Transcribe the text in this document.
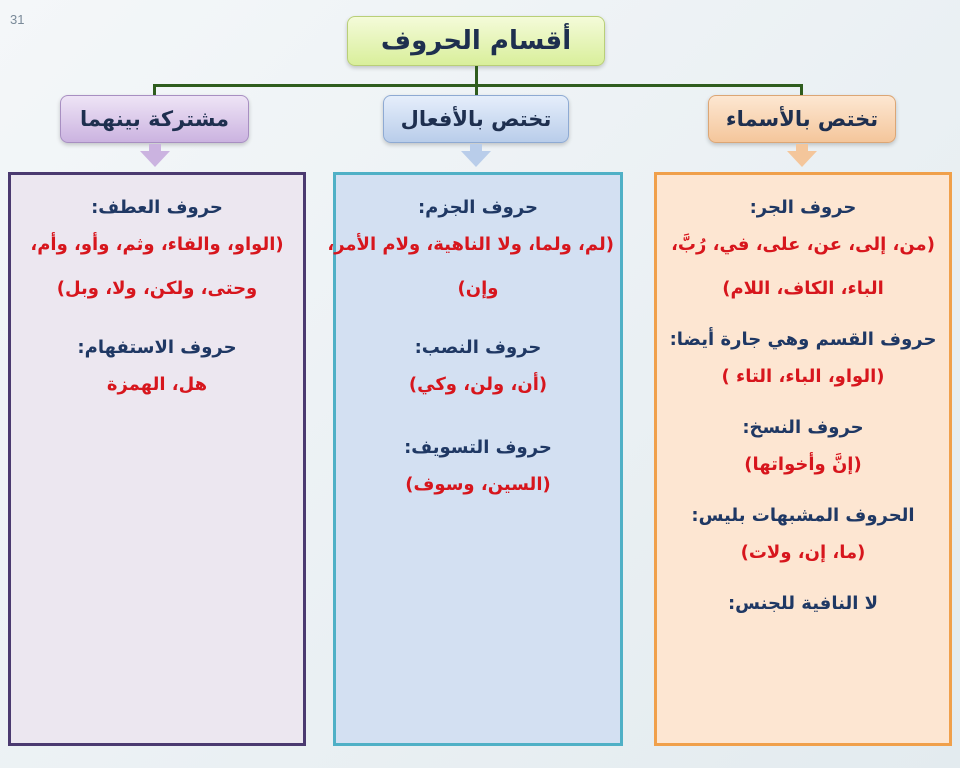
31
أقسام الحروف
مشتركة بينهما	تختص بالأفعال	تختص بالأسماء
حروف العطف:
(الواو، والفاء، وثم، وأو، وأم،
وحتى، ولكن، ولا، وبل)
حروف الاستفهام:
هل، الهمزة
حروف الجزم:
(لم، ولما، ولا الناهية، ولام الأمر،
وإن)
حروف النصب:
(أن، ولن، وكي)
حروف التسويف:
(السين، وسوف)
حروف الجر:
(من، إلى، عن، على، في، رُبَّ،
الباء، الكاف، اللام)
حروف القسم وهي جارة أيضا:
(الواو، الباء، التاء )
حروف النسخ:
(إنَّ وأخواتها)
الحروف المشبهات بليس:
(ما، إن، ولات)
لا النافية للجنس:
